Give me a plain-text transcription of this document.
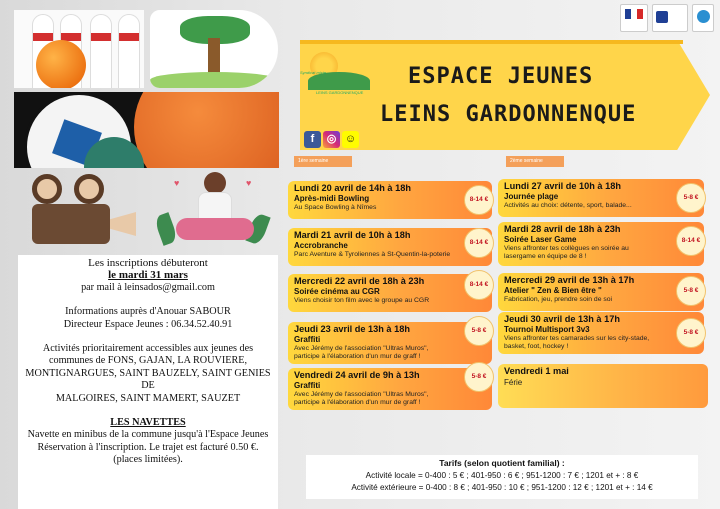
♥	♥

Les inscriptions débuteront

le mardi 31 mars

par mail à leinsados@gmail.com

Informations auprès d'Anouar SABOUR

Directeur Espace Jeunes : 06.34.52.40.91

Activités prioritairement accessibles aux jeunes des

communes de FONS, GAJAN, LA ROUVIERE,

MONTIGNARGUES, SAINT BAUZELY, SAINT GENIES DE

MALGOIRES, SAINT MAMERT, SAUZET

LES NAVETTES

Navette en minibus de la commune jusqu'à l'Espace Jeunes

Réservation à l'inscription. Le trajet est facturé 0.50 €.

(places limitées).

Syndicat mixte
LEINS GARDONNENQUE
ESPACE JEUNES
LEINS GARDONNENQUE
f	◎ ☺
1ère semaine	2ème semaine
Lundi 20 avril de 14h à 18h
Après-midi Bowling
Au Space Bowling à Nîmes
8-14 €
Mardi 21 avril de 10h à 18h
Accrobranche
Parc Aventure & Tyroliennes à St-Quentin-la-poterie
8-14 €
Mercredi 22 avril de 18h à 23h
Soirée cinéma au CGR
Viens choisir ton film avec le groupe au CGR
8-14 €
Jeudi 23 avril de 13h à 18h
Graffiti
Avec Jérémy de l'association "Ultras Muros",
participe à l'élaboration d'un mur de graff !
5-8 €
Vendredi 24 avril de 9h à 13h
Graffiti
Avec Jérémy de l'association "Ultras Muros",
participe à l'élaboration d'un mur de graff !
5-8 €
Lundi 27 avril de 10h à 18h
Journée plage
Activités au choix: détente, sport, balade...
5-8 €
Mardi 28 avril de 18h à 23h
Soirée Laser Game
Viens affronter tes collègues en soirée au
lasergame en équipe de 8 !
8-14 €
Mercredi 29 avril de 13h à 17h
Atelier " Zen & Bien être "
Fabrication, jeu, prendre soin de soi
5-8 €
Jeudi 30 avril de 13h à 17h
Tournoi Multisport 3v3
Viens affronter tes camarades sur les city-stade,
basket, foot, hockey !
5-8 €
Vendredi 1 mai
Férie
Tarifs (selon quotient familial) :
Activité locale = 0-400 : 5 € ; 401-950 : 6 € ; 951-1200 : 7 € ; 1201 et + : 8 €
Activité extérieure = 0-400 : 8 € ; 401-950 : 10 € ; 951-1200 : 12 € ; 1201 et + : 14 €
